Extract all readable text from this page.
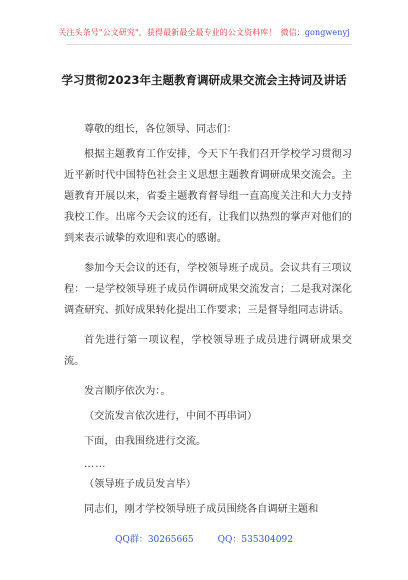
关注头条号"公文研究"，获得最新最全最专业的公文资料库！ 微信：gongwenyj
学习贯彻2023年主题教育调研成果交流会主持词及讲话

尊敬的组长，各位领导、同志们：

根据主题教育工作安排，今天下午我们召开学校学习贯彻习近平新时代中国特色社会主义思想主题教育调研成果交流会。主题教育开展以来，省委主题教育督导组一直高度关注和大力支持我校工作。出席今天会议的还有，让我们以热烈的掌声对他们的到来表示诚挚的欢迎和衷心的感谢。

参加今天会议的还有，学校领导班子成员。会议共有三项议程：一是学校领导班子成员作调研成果交流发言；二是我对深化调查研究、抓好成果转化提出工作要求；三是督导组同志讲话。

首先进行第一项议程，学校领导班子成员进行调研成果交流。

发言顺序依次为：。

（交流发言依次进行，中间不再串词）

下面，由我围绕进行交流。

……

（领导班子成员发言毕）

同志们，刚才学校领导班子成员围绕各自调研主题和

QQ群：30265665	QQ：535304092
